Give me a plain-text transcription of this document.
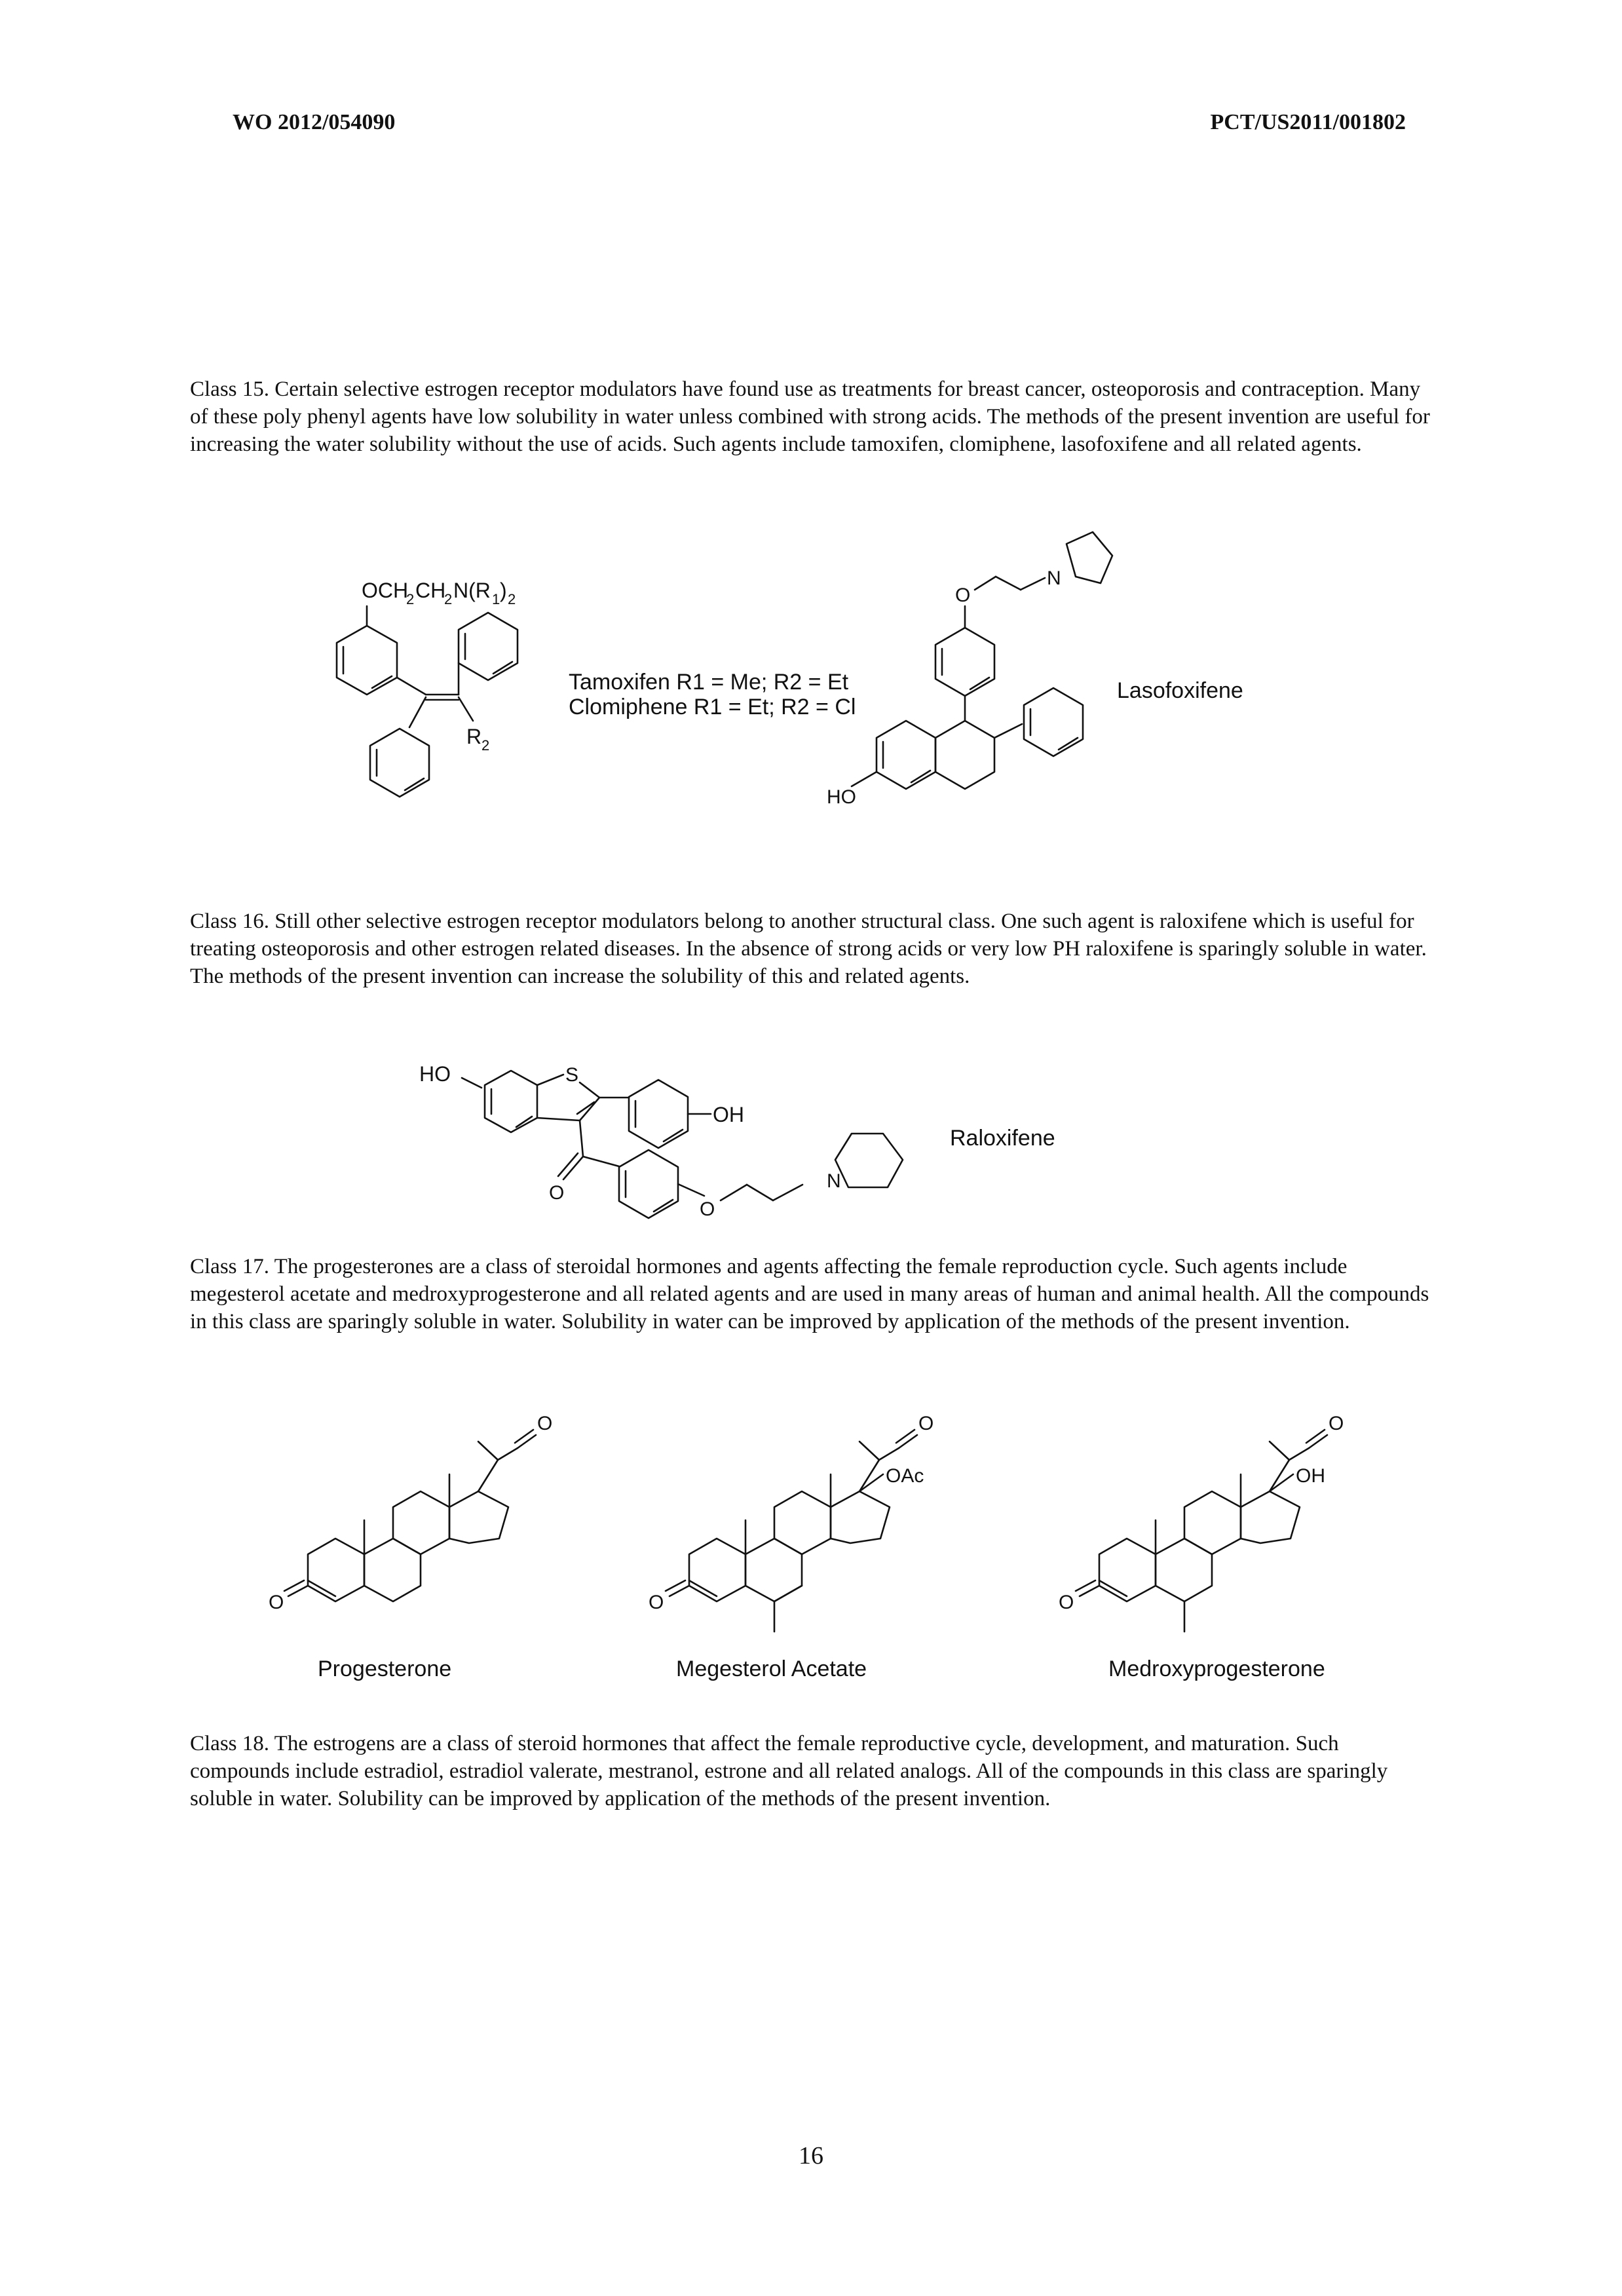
WO 2012/054090	PCT/US2011/001802
Class 15. Certain selective estrogen receptor modulators have found use as treatments for breast cancer, osteoporosis and contraception. Many of these poly phenyl agents have low solubility in water unless combined with strong acids. The methods of the present invention are useful for increasing the water solubility without the use of acids. Such agents include tamoxifen, clomiphene, lasofoxifene and all related agents.
OCH
2 CH
2 N(R 1 ) 2
R 2
N
O
HO
HO	S
OH
O
O
N
Tamoxifen R1 = Me; R2 = Et
Clomiphene R1 = Et; R2 = Cl
Lasofoxifene
Class 16. Still other selective estrogen receptor modulators belong to another structural class. One such agent is raloxifene which is useful for treating osteoporosis and other estrogen related diseases. In the absence of strong acids or very low PH raloxifene is sparingly soluble in water. The methods of the present invention can increase the solubility of this and related agents.
Raloxifene
Class 17. The progesterones are a class of steroidal hormones and agents affecting the female reproduction cycle. Such agents include megesterol acetate and medroxyprogesterone and all related agents and are used in many areas of human and animal health. All the compounds in this class are sparingly soluble in water. Solubility in water can be improved by application of the methods of the present invention.
O
O
O
O
OAc
O
O
OH
Progesterone	Megesterol Acetate	Medroxyprogesterone
Class 18. The estrogens are a class of steroid hormones that affect the female reproductive cycle, development, and maturation. Such compounds include estradiol, estradiol valerate, mestranol, estrone and all related analogs. All of the compounds in this class are sparingly soluble in water. Solubility can be improved by application of the methods of the present invention.
16
